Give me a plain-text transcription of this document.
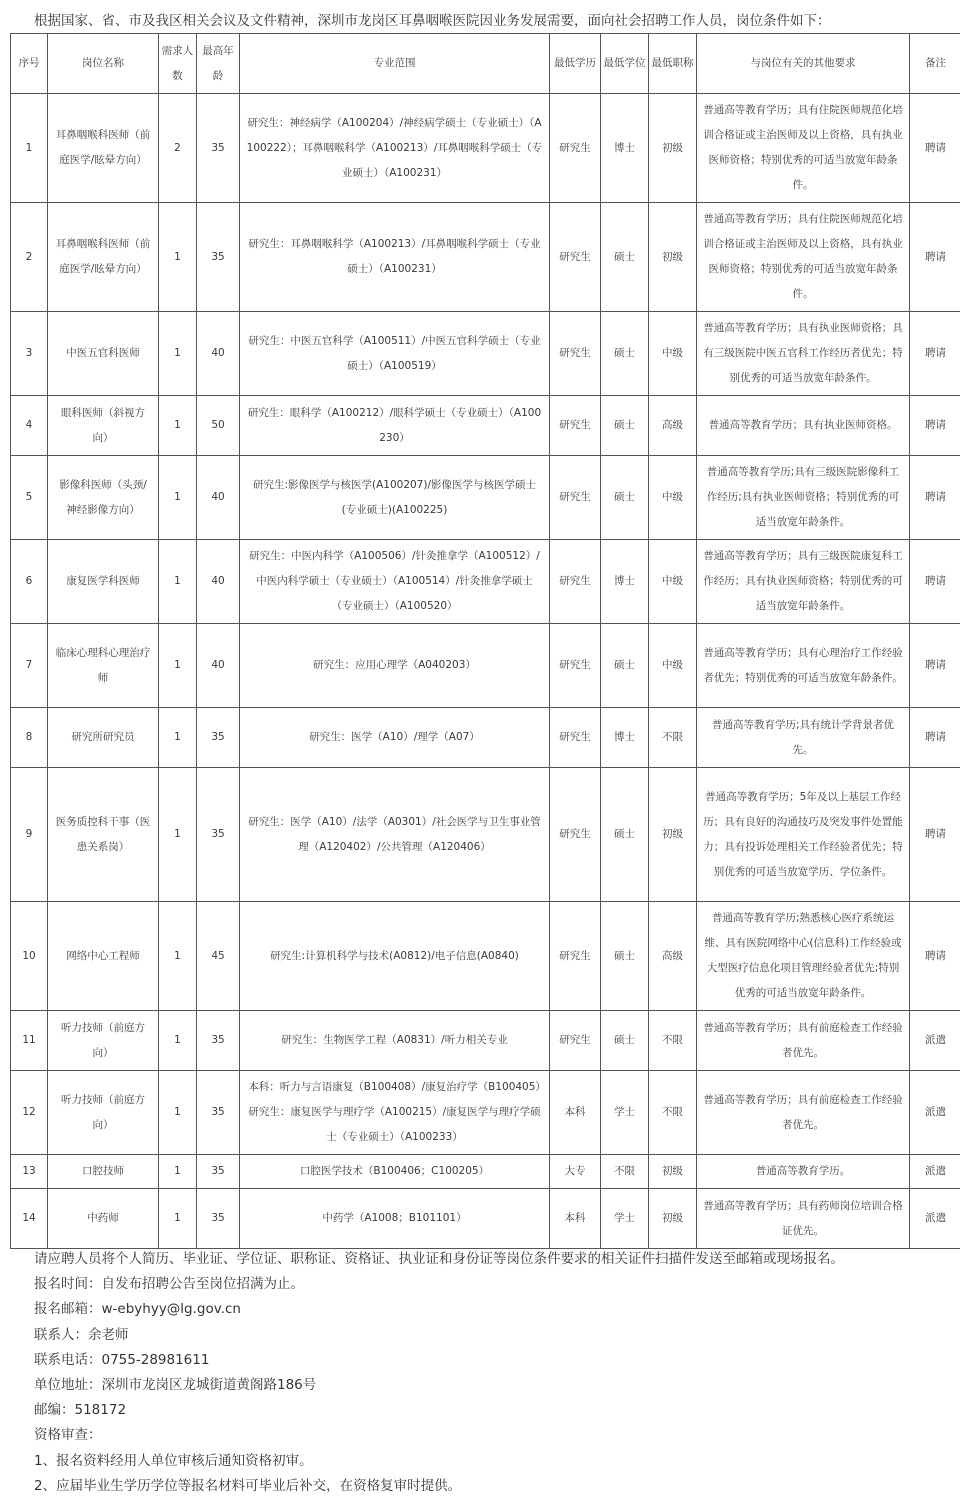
根据国家、省、市及我区相关会议及文件精神，深圳市龙岗区耳鼻咽喉医院因业务发展需要，面向社会招聘工作人员，岗位条件如下：
序号	岗位名称	需求人数	最高年龄	专业范围	最低学历	最低学位	最低职称	与岗位有关的其他要求	备注
1	耳鼻咽喉科医师（前庭医学/眩晕方向）	2	35	研究生：神经病学（A100204）/神经病学硕士（专业硕士）（A100222）；耳鼻咽喉科学（A100213）/耳鼻咽喉科学硕士（专业硕士）（A100231）	研究生	博士	初级	普通高等教育学历；具有住院医师规范化培训合格证或主治医师及以上资格，具有执业医师资格；特别优秀的可适当放宽年龄条件。	聘请
2	耳鼻咽喉科医师（前庭医学/眩晕方向）	1	35	研究生：耳鼻咽喉科学（A100213）/耳鼻咽喉科学硕士（专业硕士）（A100231）	研究生	硕士	初级	普通高等教育学历；具有住院医师规范化培训合格证或主治医师及以上资格，具有执业医师资格；特别优秀的可适当放宽年龄条件。	聘请
3	中医五官科医师	1	40	研究生：中医五官科学（A100511）/中医五官科学硕士（专业硕士）（A100519）	研究生	硕士	中级	普通高等教育学历；具有执业医师资格；具有三级医院中医五官科工作经历者优先；特别优秀的可适当放宽年龄条件。	聘请
4	眼科医师（斜视方向）	1	50	研究生：眼科学（A100212）/眼科学硕士（专业硕士）（A100230）	研究生	硕士	高级	普通高等教育学历；具有执业医师资格。	聘请
5	影像科医师（头颈/神经影像方向）	1	40	研究生:影像医学与核医学(A100207)/影像医学与核医学硕士(专业硕士)(A100225)	研究生	硕士	中级	普通高等教育学历;具有三级医院影像科工作经历;具有执业医师资格；特别优秀的可适当放宽年龄条件。	聘请
6	康复医学科医师	1	40	研究生：中医内科学（A100506）/针灸推拿学（A100512）/中医内科学硕士（专业硕士）（A100514）/针灸推拿学硕士（专业硕士）（A100520）	研究生	博士	中级	普通高等教育学历；具有三级医院康复科工作经历；具有执业医师资格；特别优秀的可适当放宽年龄条件。	聘请
7	临床心理科心理治疗师	1	40	研究生：应用心理学（A040203）	研究生	硕士	中级	普通高等教育学历；具有心理治疗工作经验者优先；特别优秀的可适当放宽年龄条件。	聘请
8	研究所研究员	1	35	研究生：医学（A10）/理学（A07）	研究生	博士	不限	普通高等教育学历;具有统计学背景者优先。	聘请
9	医务质控科干事（医患关系岗）	1	35	研究生：医学（A10）/法学（A0301）/社会医学与卫生事业管理（A120402）/公共管理（A120406）	研究生	硕士	初级	普通高等教育学历；5年及以上基层工作经历；具有良好的沟通技巧及突发事件处置能力；具有投诉处理相关工作经验者优先；特别优秀的可适当放宽学历、学位条件。	聘请
10	网络中心工程师	1	45	研究生:计算机科学与技术(A0812)/电子信息(A0840)	研究生	硕士	高级	普通高等教育学历;熟悉核心医疗系统运维、具有医院网络中心(信息科)工作经验或大型医疗信息化项目管理经验者优先;特别优秀的可适当放宽年龄条件。	聘请
11	听力技师（前庭方向）	1	35	研究生：生物医学工程（A0831）/听力相关专业	研究生	硕士	不限	普通高等教育学历；具有前庭检查工作经验者优先。	派遣
12	听力技师（前庭方向）	1	35	本科：听力与言语康复（B100408）/康复治疗学（B100405）研究生：康复医学与理疗学（A100215）/康复医学与理疗学硕士（专业硕士）（A100233）	本科	学士	不限	普通高等教育学历；具有前庭检查工作经验者优先。	派遣
13	口腔技师	1	35	口腔医学技术（B100406；C100205）	大专	不限	初级	普通高等教育学历。	派遣
14	中药师	1	35	中药学（A1008；B101101）	本科	学士	初级	普通高等教育学历；具有药师岗位培训合格证优先。	派遣

请应聘人员将个人简历、毕业证、学位证、职称证、资格证、执业证和身份证等岗位条件要求的相关证件扫描件发送至邮箱或现场报名。

报名时间：自发布招聘公告至岗位招满为止。

报名邮箱：w-ebyhyy@lg.gov.cn

联系人：余老师

联系电话：0755-28981611

单位地址：深圳市龙岗区龙城街道黄阁路186号

邮编：518172

资格审查：

1、报名资料经用人单位审核后通知资格初审。

2、应届毕业生学历学位等报名材料可毕业后补交，在资格复审时提供。
